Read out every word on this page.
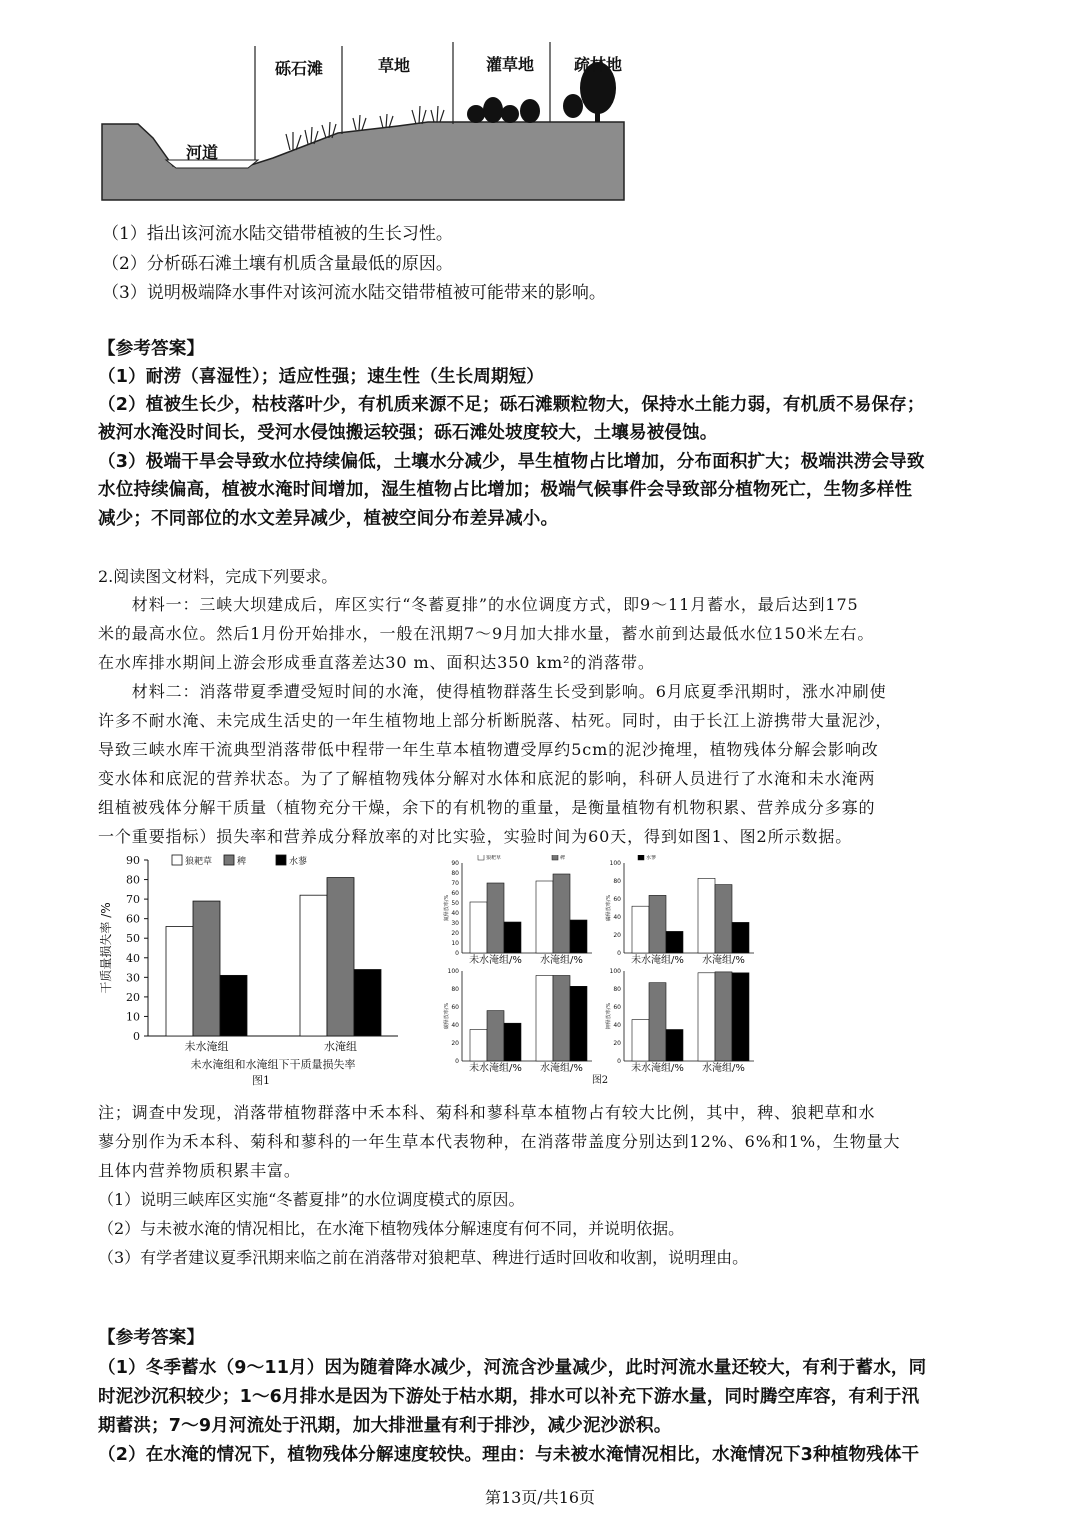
砾石滩	草地	灌草地 疏林地
河道
（1）指出该河流水陆交错带植被的生长习性。
（2）分析砾石滩土壤有机质含量最低的原因。
（3）说明极端降水事件对该河流水陆交错带植被可能带来的影响。
【参考答案】
（1）耐涝（喜湿性）；适应性强；速生性（生长周期短）
（2）植被生长少，枯枝落叶少，有机质来源不足；砾石滩颗粒物大，保持水土能力弱，有机质不易保存；
被河水淹没时间长，受河水侵蚀搬运较强；砾石滩处坡度较大，土壤易被侵蚀。
（3）极端干旱会导致水位持续偏低，土壤水分减少，旱生植物占比增加，分布面积扩大；极端洪涝会导致
水位持续偏高，植被水淹时间增加，湿生植物占比增加；极端气候事件会导致部分植物死亡，生物多样性
减少；不同部位的水文差异减少，植被空间分布差异减小。
2.阅读图文材料，完成下列要求。
　　材料一：三峡大坝建成后，库区实行“冬蓄夏排”的水位调度方式，即9～11月蓄水，最后达到175
米的最高水位。然后1月份开始排水，一般在汛期7～9月加大排水量，蓄水前到达最低水位150米左右。
在水库排水期间上游会形成垂直落差达30 m、面积达350 km²的消落带。
　　材料二：消落带夏季遭受短时间的水淹，使得植物群落生长受到影响。6月底夏季汛期时，涨水冲刷使
许多不耐水淹、未完成生活史的一年生植物地上部分析断脱落、枯死。同时，由于长江上游携带大量泥沙，
导致三峡水库干流典型消落带低中程带一年生草本植物遭受厚约5cm的泥沙掩埋，植物残体分解会影响改
变水体和底泥的营养状态。为了了解植物残体分解对水体和底泥的影响，科研人员进行了水淹和未水淹两
组植被残体分解干质量（植物充分干燥，余下的有机物的重量，是衡量植物有机物积累、营养成分多寡的
一个重要指标）损失率和营养成分释放率的对比实验，实验时间为60天，得到如图1、图2所示数据。
0
10
20
30
40
50
60
70
80
90
干质量损失率 /%
狼耙草	稗	水蓼
未水淹组	水淹组
未水淹组和水淹组下干质量损失率
图1
0
10
20
30
40
50
60
70
80
90
氮释放率/%
未水淹组/% 水淹组/%
狼耙草	稗
0
20
40
60
80
100
磷释放率/%
未水淹组/% 水淹组/%
水蓼
0
20
40
60
80
100
碳释放率/%
未水淹组/% 水淹组/%
0
20
40
60
80
100
钾释放率/%
未水淹组/% 水淹组/%
图2
注；调查中发现，消落带植物群落中禾本科、菊科和蓼科草本植物占有较大比例，其中，稗、狼耙草和水
蓼分别作为禾本科、菊科和蓼科的一年生草本代表物种，在消落带盖度分别达到12%、6%和1%，生物量大
且体内营养物质积累丰富。
（1）说明三峡库区实施“冬蓄夏排”的水位调度模式的原因。
（2）与未被水淹的情况相比，在水淹下植物残体分解速度有何不同，并说明依据。
（3）有学者建议夏季汛期来临之前在消落带对狼耙草、稗进行适时回收和收割，说明理由。
【参考答案】
（1）冬季蓄水（9～11月）因为随着降水减少，河流含沙量减少，此时河流水量还较大，有利于蓄水，同
时泥沙沉积较少；1～6月排水是因为下游处于枯水期，排水可以补充下游水量，同时腾空库容，有利于汛
期蓄洪；7～9月河流处于汛期，加大排泄量有利于排沙，减少泥沙淤积。
（2）在水淹的情况下，植物残体分解速度较快。理由：与未被水淹情况相比，水淹情况下3种植物残体干
第13页/共16页
